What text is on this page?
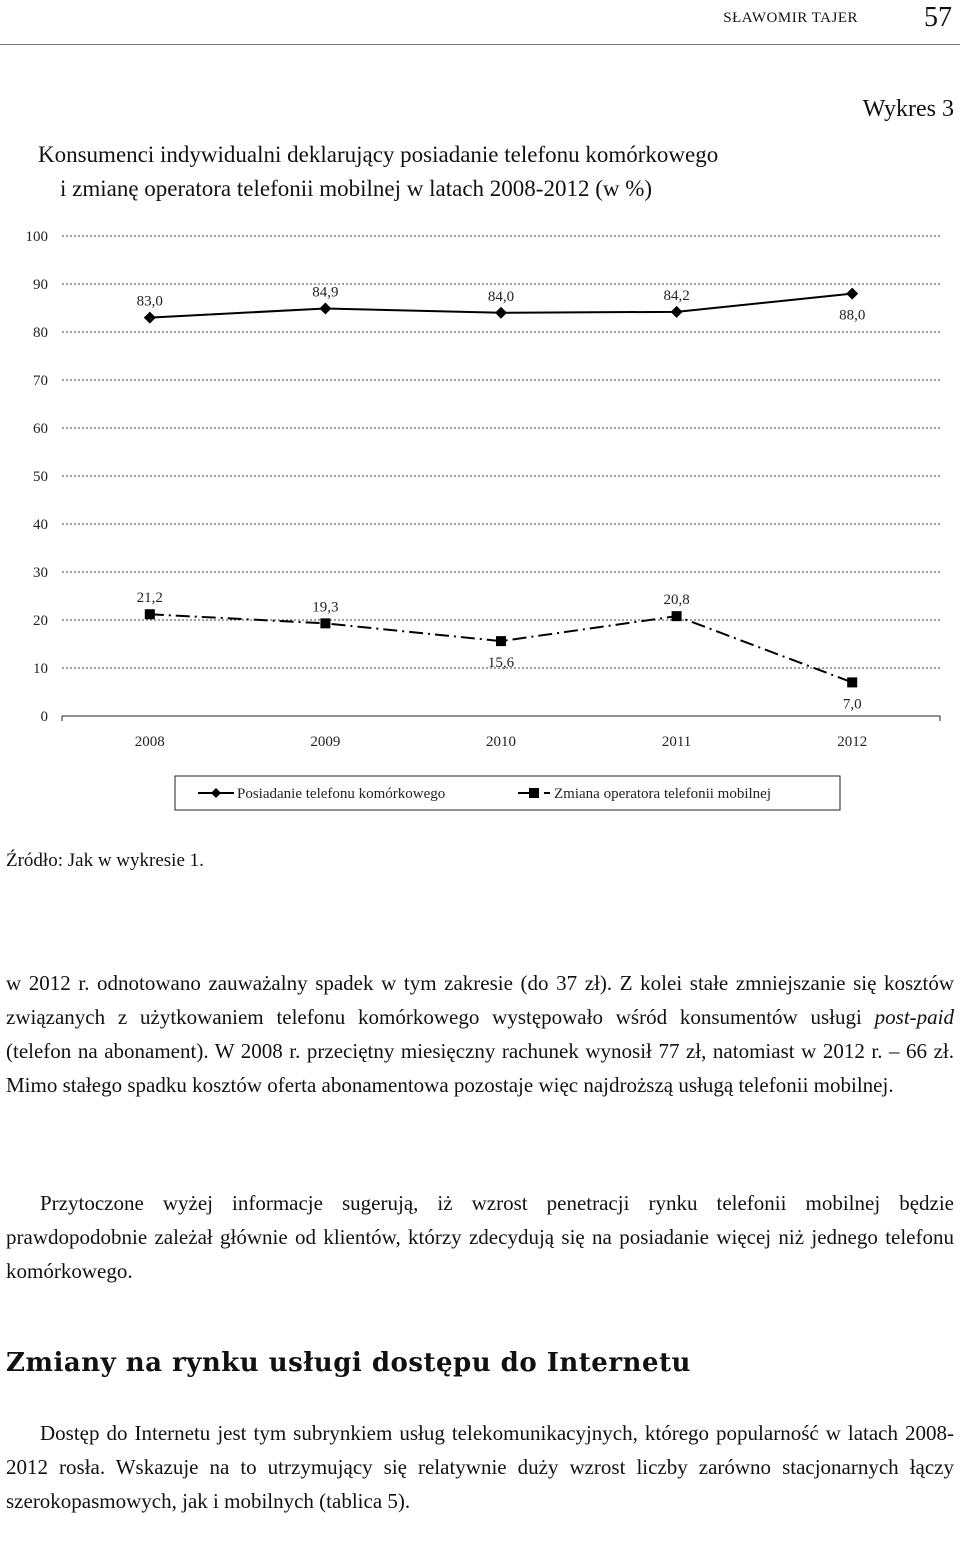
SŁAWOMIR TAJER 57
Wykres 3
Konsumenci indywidualni deklarujący posiadanie telefonu komórkowego
i zmianę operatora telefonii mobilnej w latach 2008-2012 (w %)
0
10
20
30
40
50
60
70
80
90
100
2008	2009	2010	2011	2012
83,0
84,9	84,0	84,2
88,0
21,2
19,3
15,6
20,8
7,0
Posiadanie telefonu komórkowego	Zmiana operatora telefonii mobilnej
Źródło: Jak w wykresie 1.
w 2012 r. odnotowano zauważalny spadek w tym zakresie (do 37 zł). Z kolei stałe zmniejszanie się kosztów związanych z użytkowaniem telefonu komórkowego występowało wśród konsumentów usługi post-paid (telefon na abonament). W 2008 r. przeciętny miesięczny rachunek wynosił 77 zł, natomiast w 2012 r. – 66 zł. Mimo stałego spadku kosztów oferta abonamentowa pozostaje więc najdroższą usługą telefonii mobilnej.
Przytoczone wyżej informacje sugerują, iż wzrost penetracji rynku telefonii mobilnej będzie prawdopodobnie zależał głównie od klientów, którzy zdecydują się na posiadanie więcej niż jednego telefonu komórkowego.
Zmiany na rynku usługi dostępu do Internetu
Dostęp do Internetu jest tym subrynkiem usług telekomunikacyjnych, którego popularność w latach 2008-2012 rosła. Wskazuje na to utrzymujący się relatywnie duży wzrost liczby zarówno stacjonarnych łączy szerokopasmowych, jak i mobilnych (tablica 5).
